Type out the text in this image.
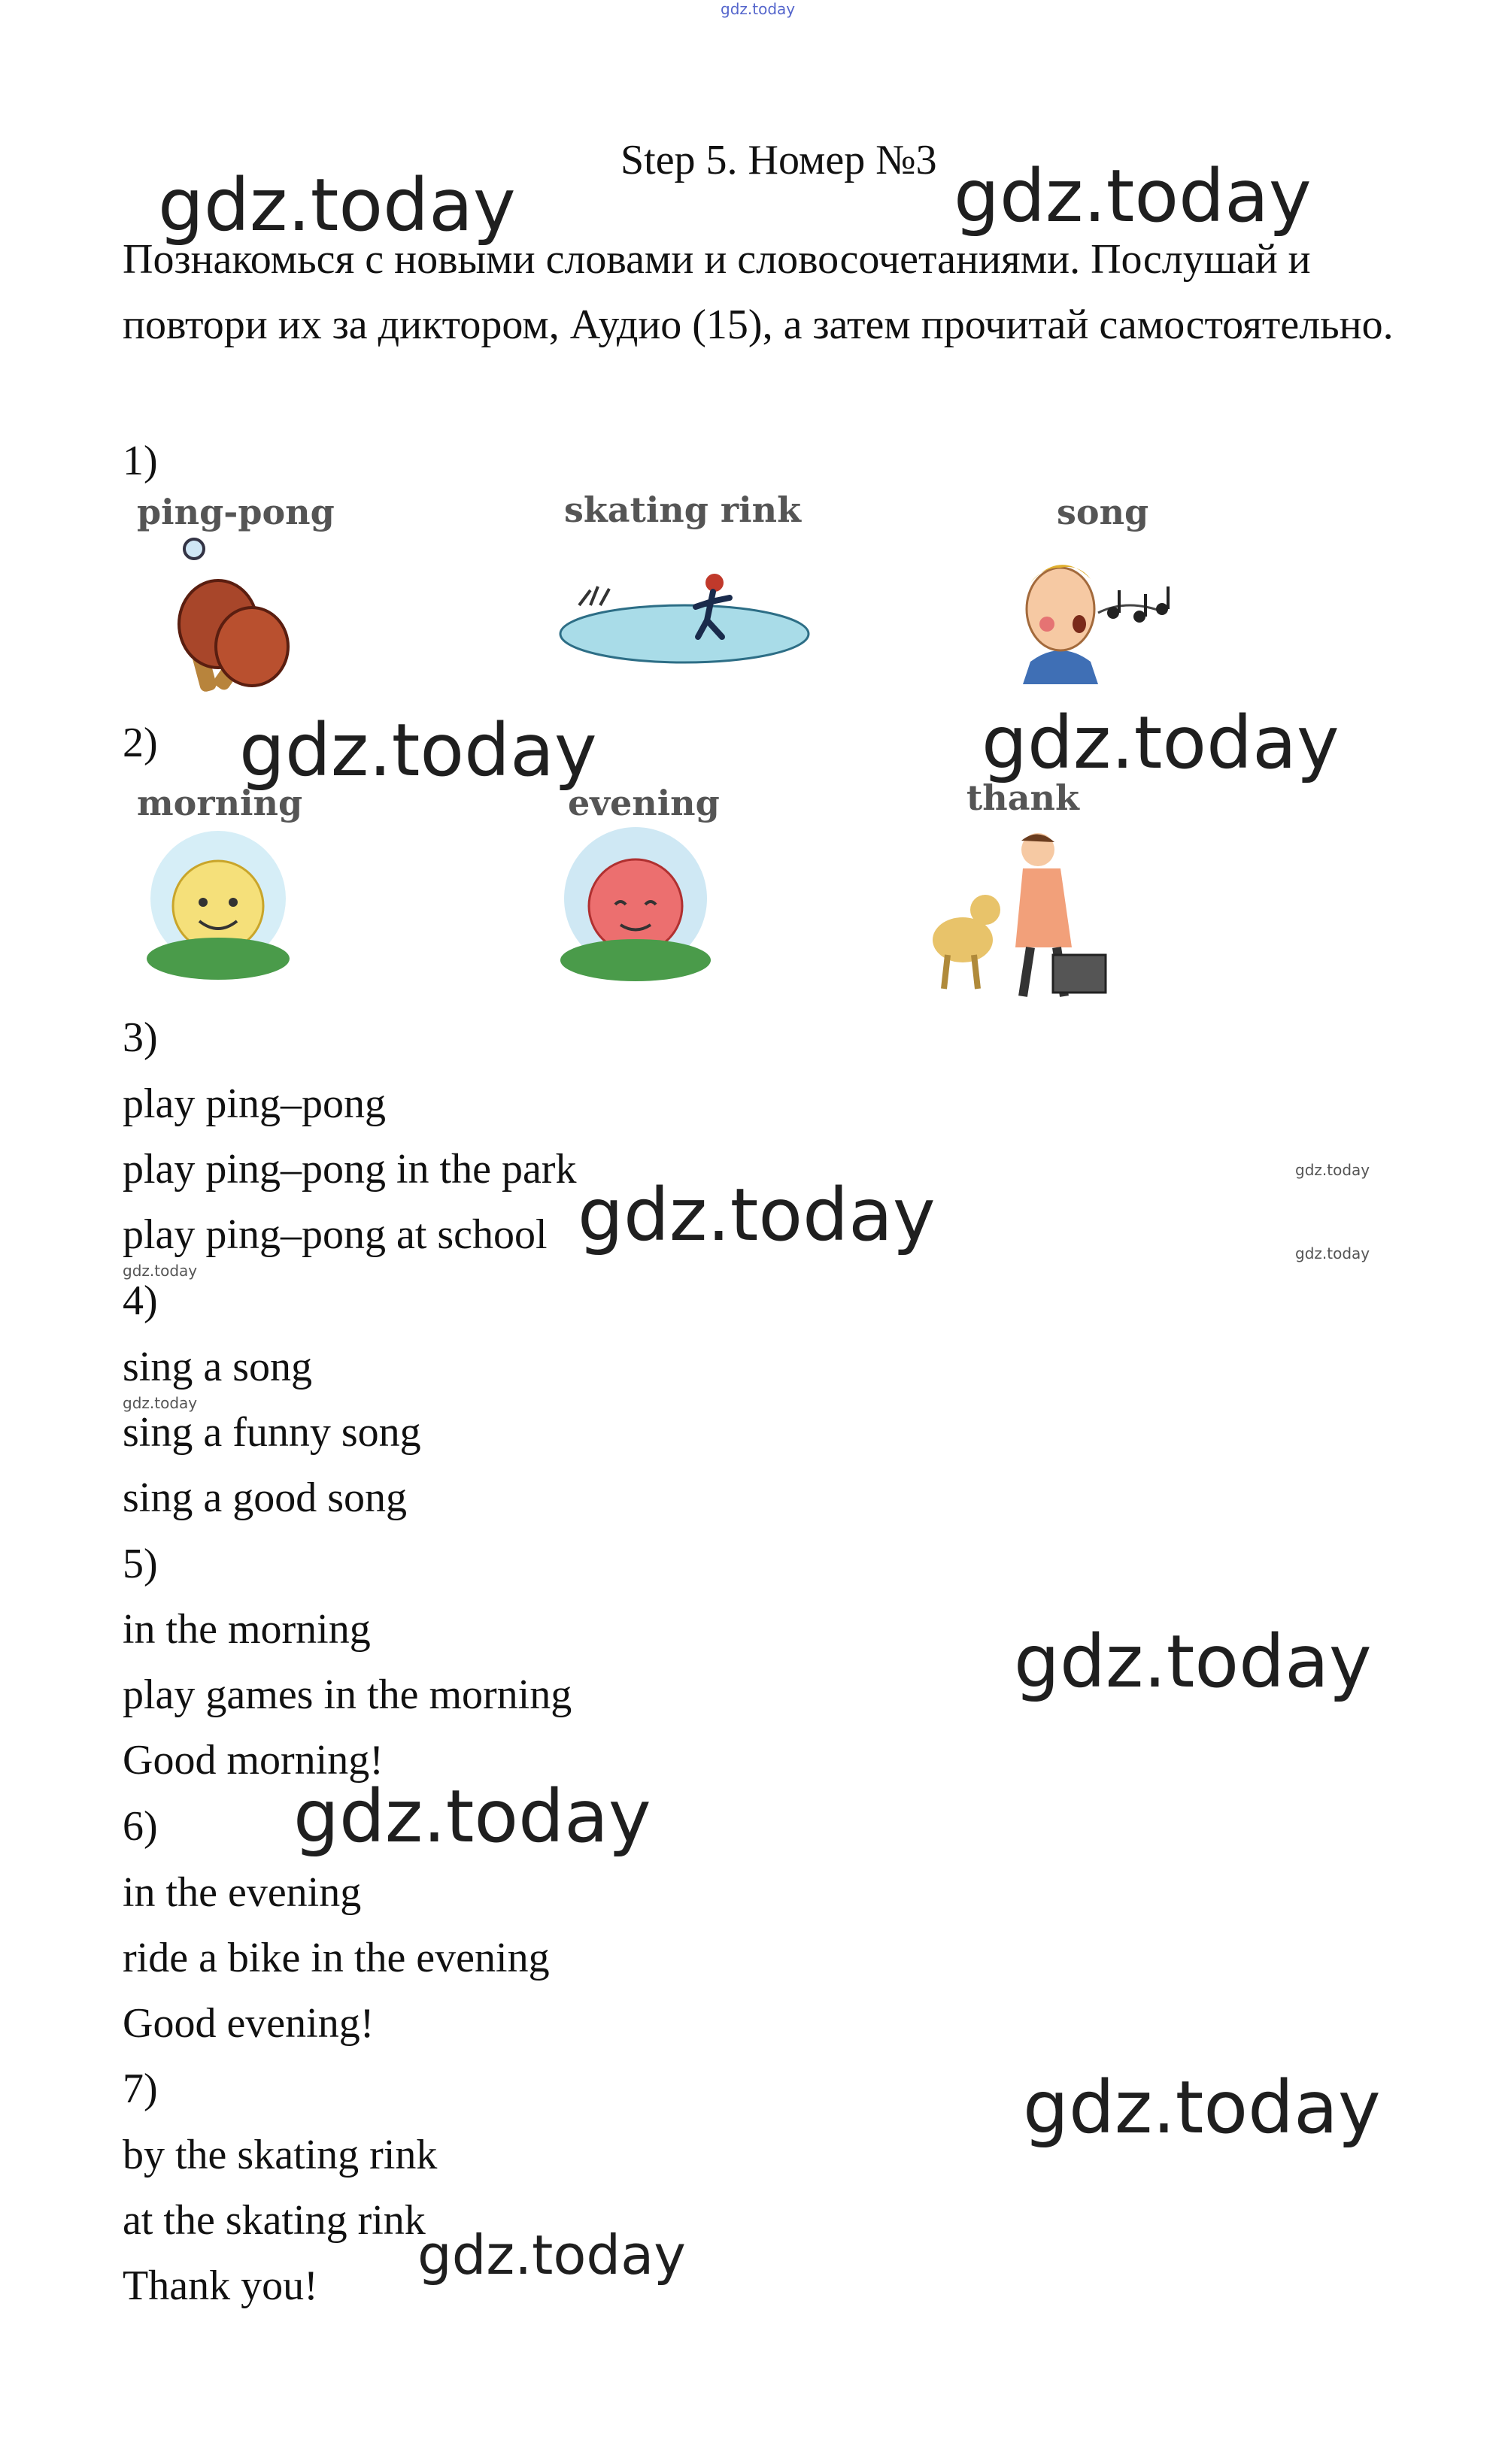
gdz.today
gdz.today	gdz.today
gdz.today	gdz.today
gdz.today
gdz.today
gdz.today
gdz.today
gdz.today
gdz.today
gdz.today
gdz.today
gdz.today
Step 5. Номер №3
Познакомься с новыми словами и словосочетаниями. Послушай и повтори их за диктором, Аудио (15), а затем прочитай самостоятельно.
1)
ping-pong	skating rink	song
2)
morning	evening	thank
3)
play ping–pong
play ping–pong in the park
play ping–pong at school
4)
sing a song
sing a funny song
sing a good song
5)
in the morning
play games in the morning
Good morning!
6)
in the evening
ride a bike in the evening
Good evening!
7)
by the skating rink
at the skating rink
Thank you!
